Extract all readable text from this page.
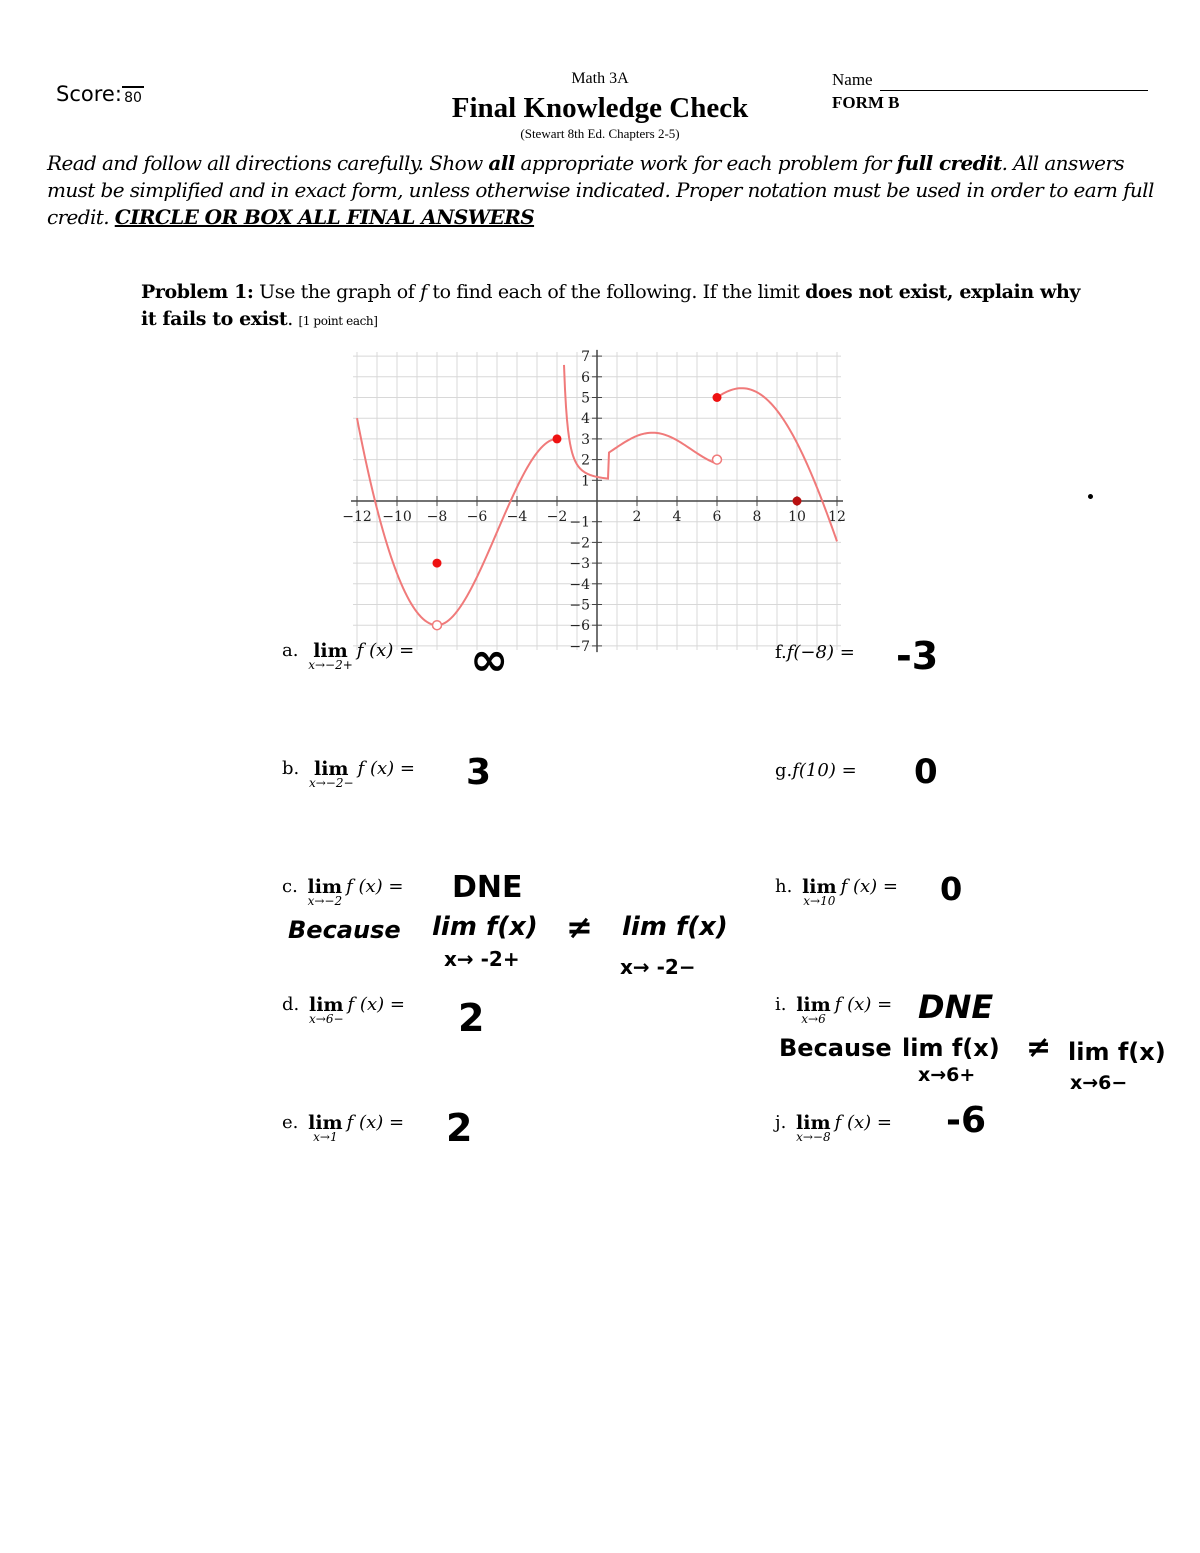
Score: 80
Math 3A
Final Knowledge Check
(Stewart 8th Ed. Chapters 2-5)
Name
FORM B
Read and follow all directions carefully. Show all appropriate work for each problem for full credit. All answers must be simplified and in exact form, unless otherwise indicated. Proper notation must be used in order to earn full credit. CIRCLE OR BOX ALL FINAL ANSWERS
Problem 1: Use the graph of f to find each of the following. If the limit does not exist, explain why it fails to exist. [1 point each]
−12 −10 −8 −6 −4 −2	2 4 6 8 10 12
7
6
5
4
3
2
1
−1
−2
−3
−4
−5
−6
−7
a. lim
x→−2+
f (x) = ∞
b. lim
x→−2−
f (x) = 3
c. lim
x→−2
f (x) = DNE
Because lim f(x)
x→ -2+
≠ lim f(x)
x→ -2−
d. lim
x→6−
f (x) = 2
e. lim
x→1
f (x) = 2
f.f(−8) = -3
g.f(10) = 0
h. lim
x→10
f (x) = 0
i. lim
x→6
f (x) = DNE
Because lim f(x)
x→6+
≠ lim f(x)
x→6−
j. lim
x→−8
f (x) = -6
